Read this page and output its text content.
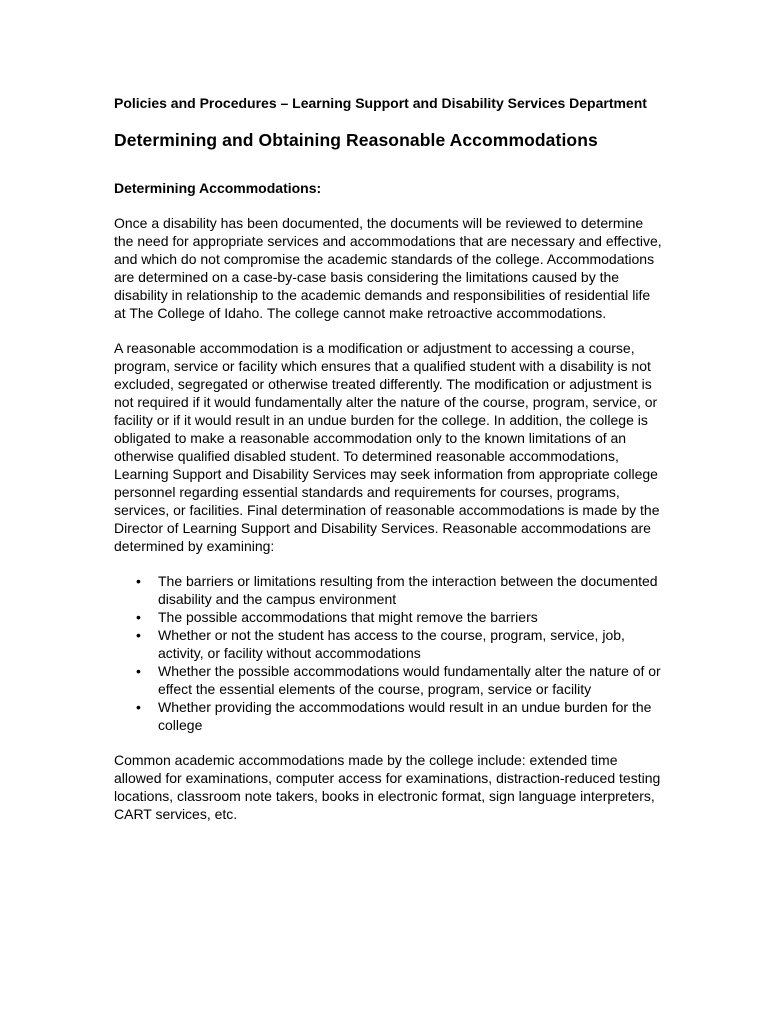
Policies and Procedures – Learning Support and Disability Services Department

Determining and Obtaining Reasonable Accommodations
Determining Accommodations:

Once a disability has been documented, the documents will be reviewed to determine the need for appropriate services and accommodations that are necessary and effective, and which do not compromise the academic standards of the college. Accommodations are determined on a case-by-case basis considering the limitations caused by the disability in relationship to the academic demands and responsibilities of residential life at The College of Idaho. The college cannot make retroactive accommodations.

A reasonable accommodation is a modification or adjustment to accessing a course, program, service or facility which ensures that a qualified student with a disability is not excluded, segregated or otherwise treated differently. The modification or adjustment is not required if it would fundamentally alter the nature of the course, program, service, or facility or if it would result in an undue burden for the college. In addition, the college is obligated to make a reasonable accommodation only to the known limitations of an otherwise qualified disabled student. To determined reasonable accommodations, Learning Support and Disability Services may seek information from appropriate college personnel regarding essential standards and requirements for courses, programs, services, or facilities. Final determination of reasonable accommodations is made by the Director of Learning Support and Disability Services. Reasonable accommodations are determined by examining:

• The barriers or limitations resulting from the interaction between the documented disability and the campus environment
• The possible accommodations that might remove the barriers
• Whether or not the student has access to the course, program, service, job, activity, or facility without accommodations
• Whether the possible accommodations would fundamentally alter the nature of or effect the essential elements of the course, program, service or facility
• Whether providing the accommodations would result in an undue burden for the college

Common academic accommodations made by the college include: extended time allowed for examinations, computer access for examinations, distraction-reduced testing locations, classroom note takers, books in electronic format, sign language interpreters, CART services, etc.
